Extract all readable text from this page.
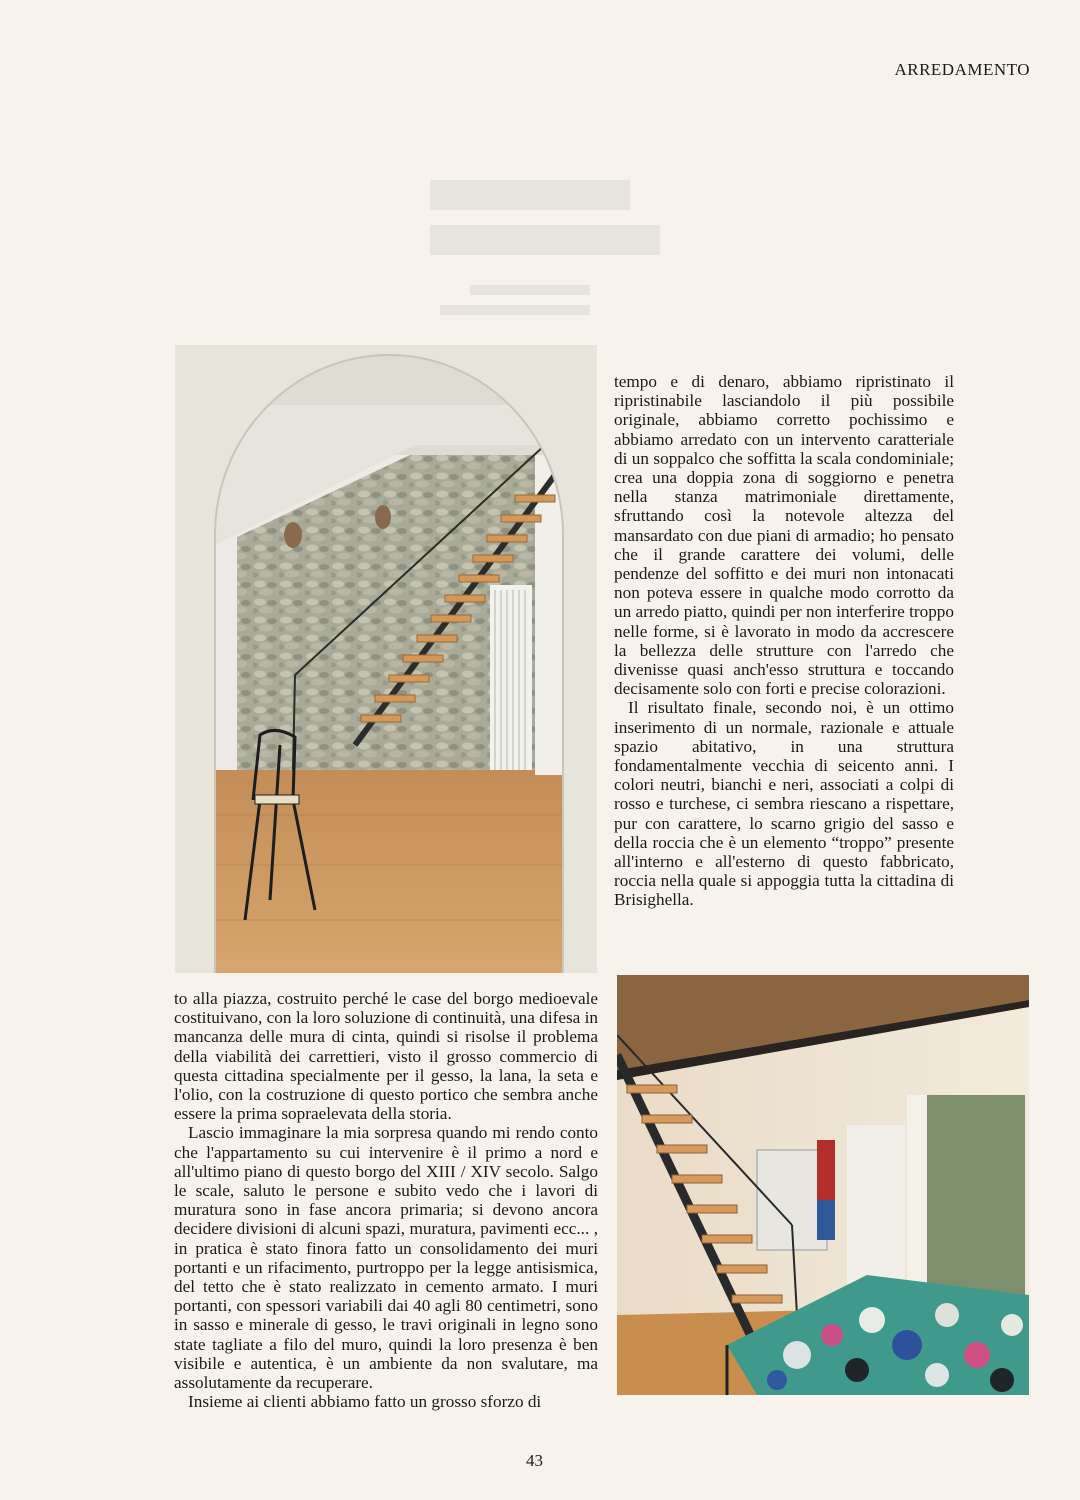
ARREDAMENTO

tempo e di denaro, abbiamo ripristinato il ripristinabile lasciandolo il più possibile originale, abbiamo corretto pochissimo e abbiamo arredato con un intervento caratteriale di un soppalco che soffitta la scala condominiale; crea una doppia zona di soggiorno e penetra nella stanza matrimoniale direttamente, sfruttando così la notevole altezza del mansardato con due piani di armadio; ho pensato che il grande carattere dei volumi, delle pendenze del soffitto e dei muri non intonacati non poteva essere in qualche modo corrotto da un arredo piatto, quindi per non interferire troppo nelle forme, si è lavorato in modo da accrescere la bellezza delle strutture con l'arredo che divenisse quasi anch'esso struttura e toccando decisamente solo con forti e precise colorazioni.

Il risultato finale, secondo noi, è un ottimo inserimento di un normale, razionale e attuale spazio abitativo, in una struttura fondamentalmente vecchia di seicento anni. I colori neutri, bianchi e neri, associati a colpi di rosso e turchese, ci sembra riescano a rispettare, pur con carattere, lo scarno grigio del sasso e della roccia che è un elemento “troppo” presente all'interno e all'esterno di questo fabbricato, roccia nella quale si appoggia tutta la cittadina di Brisighella.

to alla piazza, costruito perché le case del borgo medioevale costituivano, con la loro soluzione di continuità, una difesa in mancanza delle mura di cinta, quindi si risolse il problema della viabilità dei carrettieri, visto il grosso commercio di questa cittadina specialmente per il gesso, la lana, la seta e l'olio, con la costruzione di questo portico che sembra anche essere la prima sopraelevata della storia.

Lascio immaginare la mia sorpresa quando mi rendo conto che l'appartamento su cui intervenire è il primo a nord e all'ultimo piano di questo borgo del XIII / XIV secolo. Salgo le scale, saluto le persone e subito vedo che i lavori di muratura sono in fase ancora primaria; si devono ancora decidere divisioni di alcuni spazi, muratura, pavimenti ecc... , in pratica è stato finora fatto un consolidamento dei muri portanti e un rifacimento, purtroppo per la legge antisismica, del tetto che è stato realizzato in cemento armato. I muri portanti, con spessori variabili dai 40 agli 80 centimetri, sono in sasso e minerale di gesso, le travi originali in legno sono state tagliate a filo del muro, quindi la loro presenza è ben visibile e autentica, è un ambiente da non svalutare, ma assolutamente da recuperare.

Insieme ai clienti abbiamo fatto un grosso sforzo di

43
